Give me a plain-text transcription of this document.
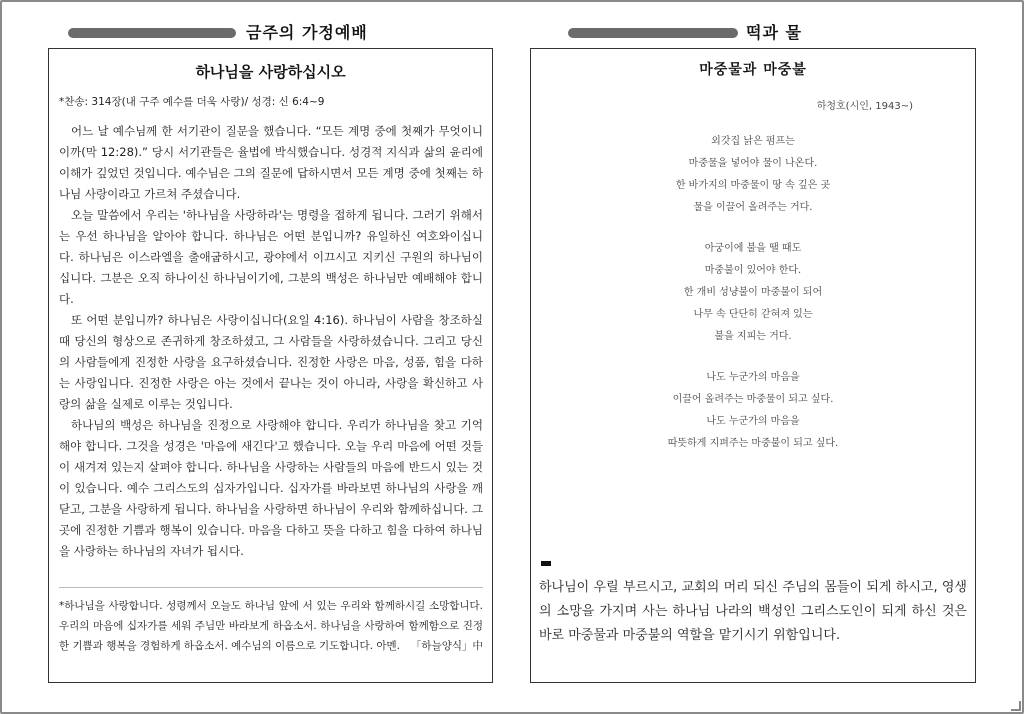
금주의 가정예배	떡과 물
하나님을 사랑하십시오
*찬송: 314장(내 구주 예수를 더욱 사랑)/ 성경: 신 6:4~9

어느 날 예수님께 한 서기관이 질문을 했습니다. “모든 계명 중에 첫째가 무엇이니이까(막 12:28).” 당시 서기관들은 율법에 박식했습니다. 성경적 지식과 삶의 윤리에 이해가 깊었던 것입니다. 예수님은 그의 질문에 답하시면서 모든 계명 중에 첫째는 하나님 사랑이라고 가르쳐 주셨습니다.

오늘 말씀에서 우리는 '하나님을 사랑하라'는 명령을 접하게 됩니다. 그러기 위해서는 우선 하나님을 알아야 합니다. 하나님은 어떤 분입니까? 유일하신 여호와이십니다. 하나님은 이스라엘을 출애굽하시고, 광야에서 이끄시고 지키신 구원의 하나님이십니다. 그분은 오직 하나이신 하나님이기에, 그분의 백성은 하나님만 예배해야 합니다.

또 어떤 분입니까? 하나님은 사랑이십니다(요일 4:16). 하나님이 사람을 창조하실 때 당신의 형상으로 존귀하게 창조하셨고, 그 사람들을 사랑하셨습니다. 그리고 당신의 사람들에게 진정한 사랑을 요구하셨습니다. 진정한 사랑은 마음, 성품, 힘을 다하는 사랑입니다. 진정한 사랑은 아는 것에서 끝나는 것이 아니라, 사랑을 확신하고 사랑의 삶을 실제로 이루는 것입니다.

하나님의 백성은 하나님을 진정으로 사랑해야 합니다. 우리가 하나님을 찾고 기억해야 합니다. 그것을 성경은 '마음에 새긴다'고 했습니다. 오늘 우리 마음에 어떤 것들이 새겨져 있는지 살펴야 합니다. 하나님을 사랑하는 사람들의 마음에 반드시 있는 것이 있습니다. 예수 그리스도의 십자가입니다. 십자가를 바라보면 하나님의 사랑을 깨닫고, 그분을 사랑하게 됩니다. 하나님을 사랑하면 하나님이 우리와 함께하십니다. 그곳에 진정한 기쁨과 행복이 있습니다. 마음을 다하고 뜻을 다하고 힘을 다하여 하나님을 사랑하는 하나님의 자녀가 됩시다.

*하나님을 사랑합니다. 성령께서 오늘도 하나님 앞에 서 있는 우리와 함께하시길 소망합니다. 우리의 마음에 십자가를 세워 주님만 바라보게 하옵소서. 하나님을 사랑하여 함께함으로 진정한 기쁨과 행복을 경험하게 하옵소서. 예수님의 이름으로 기도합니다. 아멘. 「하늘양식」中
마중물과 마중불
하청호(시인, 1943~)
외갓집 낡은 펌프는
마중물을 넣어야 물이 나온다.
한 바가지의 마중물이 땅 속 깊은 곳
물을 이끌어 올려주는 거다.
아궁이에 불을 땔 때도
마중불이 있어야 한다.
한 개비 성냥불이 마중불이 되어
나무 속 단단히 갇혀져 있는
불을 지피는 거다.
나도 누군가의 마음을
이끌어 올려주는 마중물이 되고 싶다.
나도 누군가의 마음을
따뜻하게 지펴주는 마중불이 되고 싶다.
하나님이 우릴 부르시고, 교회의 머리 되신 주님의 몸들이 되게 하시고, 영생의 소망을 가지며 사는 하나님 나라의 백성인 그리스도인이 되게 하신 것은 바로 마중물과 마중불의 역할을 맡기시기 위함입니다.
